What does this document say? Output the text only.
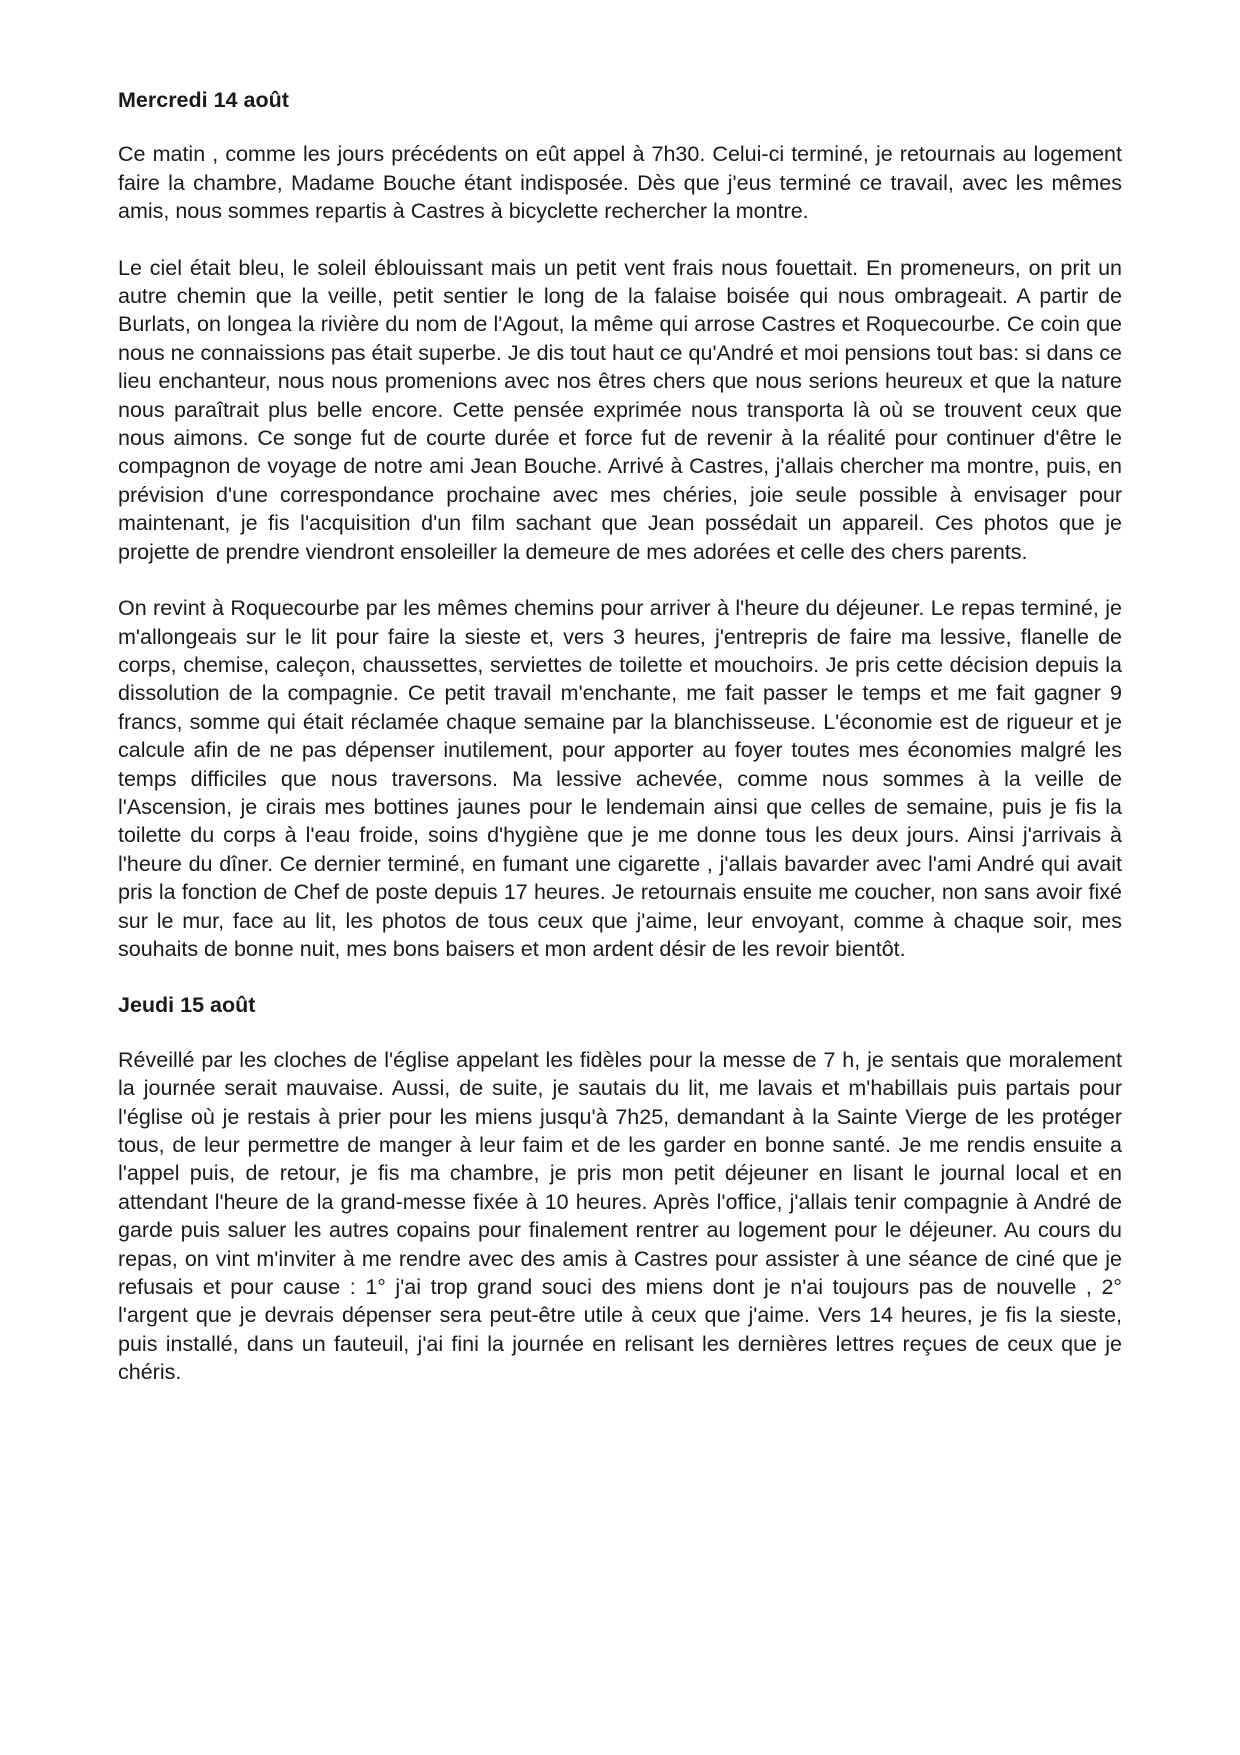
Mercredi 14 août

Ce matin , comme les jours précédents on eût appel à 7h30. Celui-ci terminé, je retournais au logement faire la chambre, Madame Bouche étant indisposée. Dès que j'eus terminé ce travail, avec les mêmes amis, nous sommes repartis à Castres à bicyclette rechercher la montre.

Le ciel était bleu, le soleil éblouissant mais un petit vent frais nous fouettait. En promeneurs, on prit un autre chemin que la veille, petit sentier le long de la falaise boisée qui nous ombrageait. A partir de Burlats, on longea la rivière du nom de l'Agout, la même qui arrose Castres et Roquecourbe. Ce coin que nous ne connaissions pas était superbe. Je dis tout haut ce qu'André et moi pensions tout bas: si dans ce lieu enchanteur, nous nous promenions avec nos êtres chers que nous serions heureux et que la nature nous paraîtrait plus belle encore. Cette pensée exprimée nous transporta là où se trouvent ceux que nous aimons. Ce songe fut de courte durée et force fut de revenir à la réalité pour continuer d'être le compagnon de voyage de notre ami Jean Bouche. Arrivé à Castres, j'allais chercher ma montre, puis, en prévision d'une correspondance prochaine avec mes chéries, joie seule possible à envisager pour maintenant, je fis l'acquisition d'un film sachant que Jean possédait un appareil. Ces photos que je projette de prendre viendront ensoleiller la demeure de mes adorées et celle des chers parents.

On revint à Roquecourbe par les mêmes chemins pour arriver à l'heure du déjeuner. Le repas terminé, je m'allongeais sur le lit pour faire la sieste et, vers 3 heures, j'entrepris de faire ma lessive, flanelle de corps, chemise, caleçon, chaussettes, serviettes de toilette et mouchoirs. Je pris cette décision depuis la dissolution de la compagnie. Ce petit travail m'enchante, me fait passer le temps et me fait gagner 9 francs, somme qui était réclamée chaque semaine par la blanchisseuse. L'économie est de rigueur et je calcule afin de ne pas dépenser inutilement, pour apporter au foyer toutes mes économies malgré les temps difficiles que nous traversons. Ma lessive achevée, comme nous sommes à la veille de l'Ascension, je cirais mes bottines jaunes pour le lendemain ainsi que celles de semaine, puis je fis la toilette du corps à l'eau froide, soins d'hygiène que je me donne tous les deux jours. Ainsi j'arrivais à l'heure du dîner. Ce dernier terminé, en fumant une cigarette , j'allais bavarder avec l'ami André qui avait pris la fonction de Chef de poste depuis 17 heures. Je retournais ensuite me coucher, non sans avoir fixé sur le mur, face au lit, les photos de tous ceux que j'aime, leur envoyant, comme à chaque soir, mes souhaits de bonne nuit, mes bons baisers et mon ardent désir de les revoir bientôt.

Jeudi 15 août

Réveillé par les cloches de l'église appelant les fidèles pour la messe de 7 h, je sentais que moralement la journée serait mauvaise. Aussi, de suite, je sautais du lit, me lavais et m'habillais puis partais pour l'église où je restais à prier pour les miens jusqu'à 7h25, demandant à la Sainte Vierge de les protéger tous, de leur permettre de manger à leur faim et de les garder en bonne santé. Je me rendis ensuite a l'appel puis, de retour, je fis ma chambre, je pris mon petit déjeuner en lisant le journal local et en attendant l'heure de la grand-messe fixée à 10 heures. Après l'office, j'allais tenir compagnie à André de garde puis saluer les autres copains pour finalement rentrer au logement pour le déjeuner. Au cours du repas, on vint m'inviter à me rendre avec des amis à Castres pour assister à une séance de ciné que je refusais et pour cause : 1° j'ai trop grand souci des miens dont je n'ai toujours pas de nouvelle , 2° l'argent que je devrais dépenser sera peut-être utile à ceux que j'aime. Vers 14 heures, je fis la sieste, puis installé, dans un fauteuil, j'ai fini la journée en relisant les dernières lettres reçues de ceux que je chéris.
